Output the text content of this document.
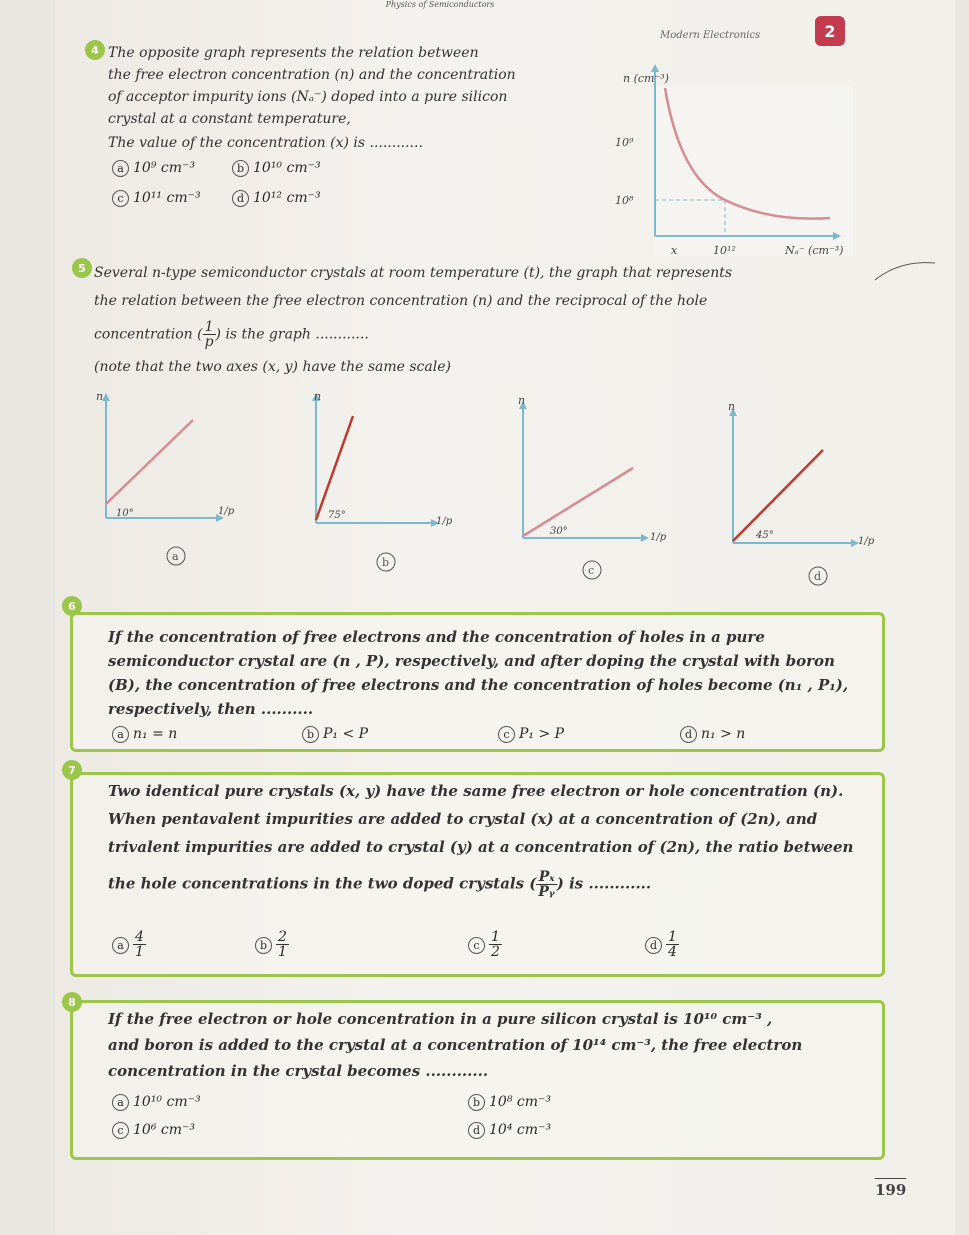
Physics of Semiconductors
Modern Electronics	2
4 The opposite graph represents the relation between
the free electron concentration (n) and the concentration
of acceptor impurity ions (Nₐ⁻) doped into a pure silicon
crystal at a constant temperature,
The value of the concentration (x) is ............
a 10⁹ cm⁻³	b 10¹⁰ cm⁻³
c 10¹¹ cm⁻³	d 10¹² cm⁻³
n (cm⁻³)
10⁹
10⁸
x	10¹²	Nₐ⁻ (cm⁻³)
5 Several n-type semiconductor crystals at room temperature (t), the graph that represents
the relation between the free electron concentration (n) and the reciprocal of the hole
concentration ( $\frac{1}{p}$ ) is the graph ............
(note that the two axes (x, y) have the same scale)
n
10°	1/p
a
n
75°
1/p
b
n
30°
1/p
c
n
45°
1/p
d
6
If the concentration of free electrons and the concentration of holes in a pure
semiconductor crystal are (n , P), respectively, and after doping the crystal with boron
(B), the concentration of free electrons and the concentration of holes become (n₁ , P₁),
respectively, then ..........
a n₁ = n	b P₁ < P	c P₁ > P	d n₁ > n
7
Two identical pure crystals (x, y) have the same free electron or hole concentration (n).
When pentavalent impurities are added to crystal (x) at a concentration of (2n), and
trivalent impurities are added to crystal (y) at a concentration of (2n), the ratio between
the hole concentrations in the two doped crystals ( $\frac{\text{Pₓ}}{\text{Pᵧ}}$ ) is ............
a $\frac{4}{1}$	b $\frac{2}{1}$	c $\frac{1}{2}$	d $\frac{1}{4}$
8
If the free electron or hole concentration in a pure silicon crystal is 10¹⁰ cm⁻³ ,
and boron is added to the crystal at a concentration of 10¹⁴ cm⁻³, the free electron
concentration in the crystal becomes ............
a 10¹⁰ cm⁻³	b 10⁸ cm⁻³
c 10⁶ cm⁻³	d 10⁴ cm⁻³
199
